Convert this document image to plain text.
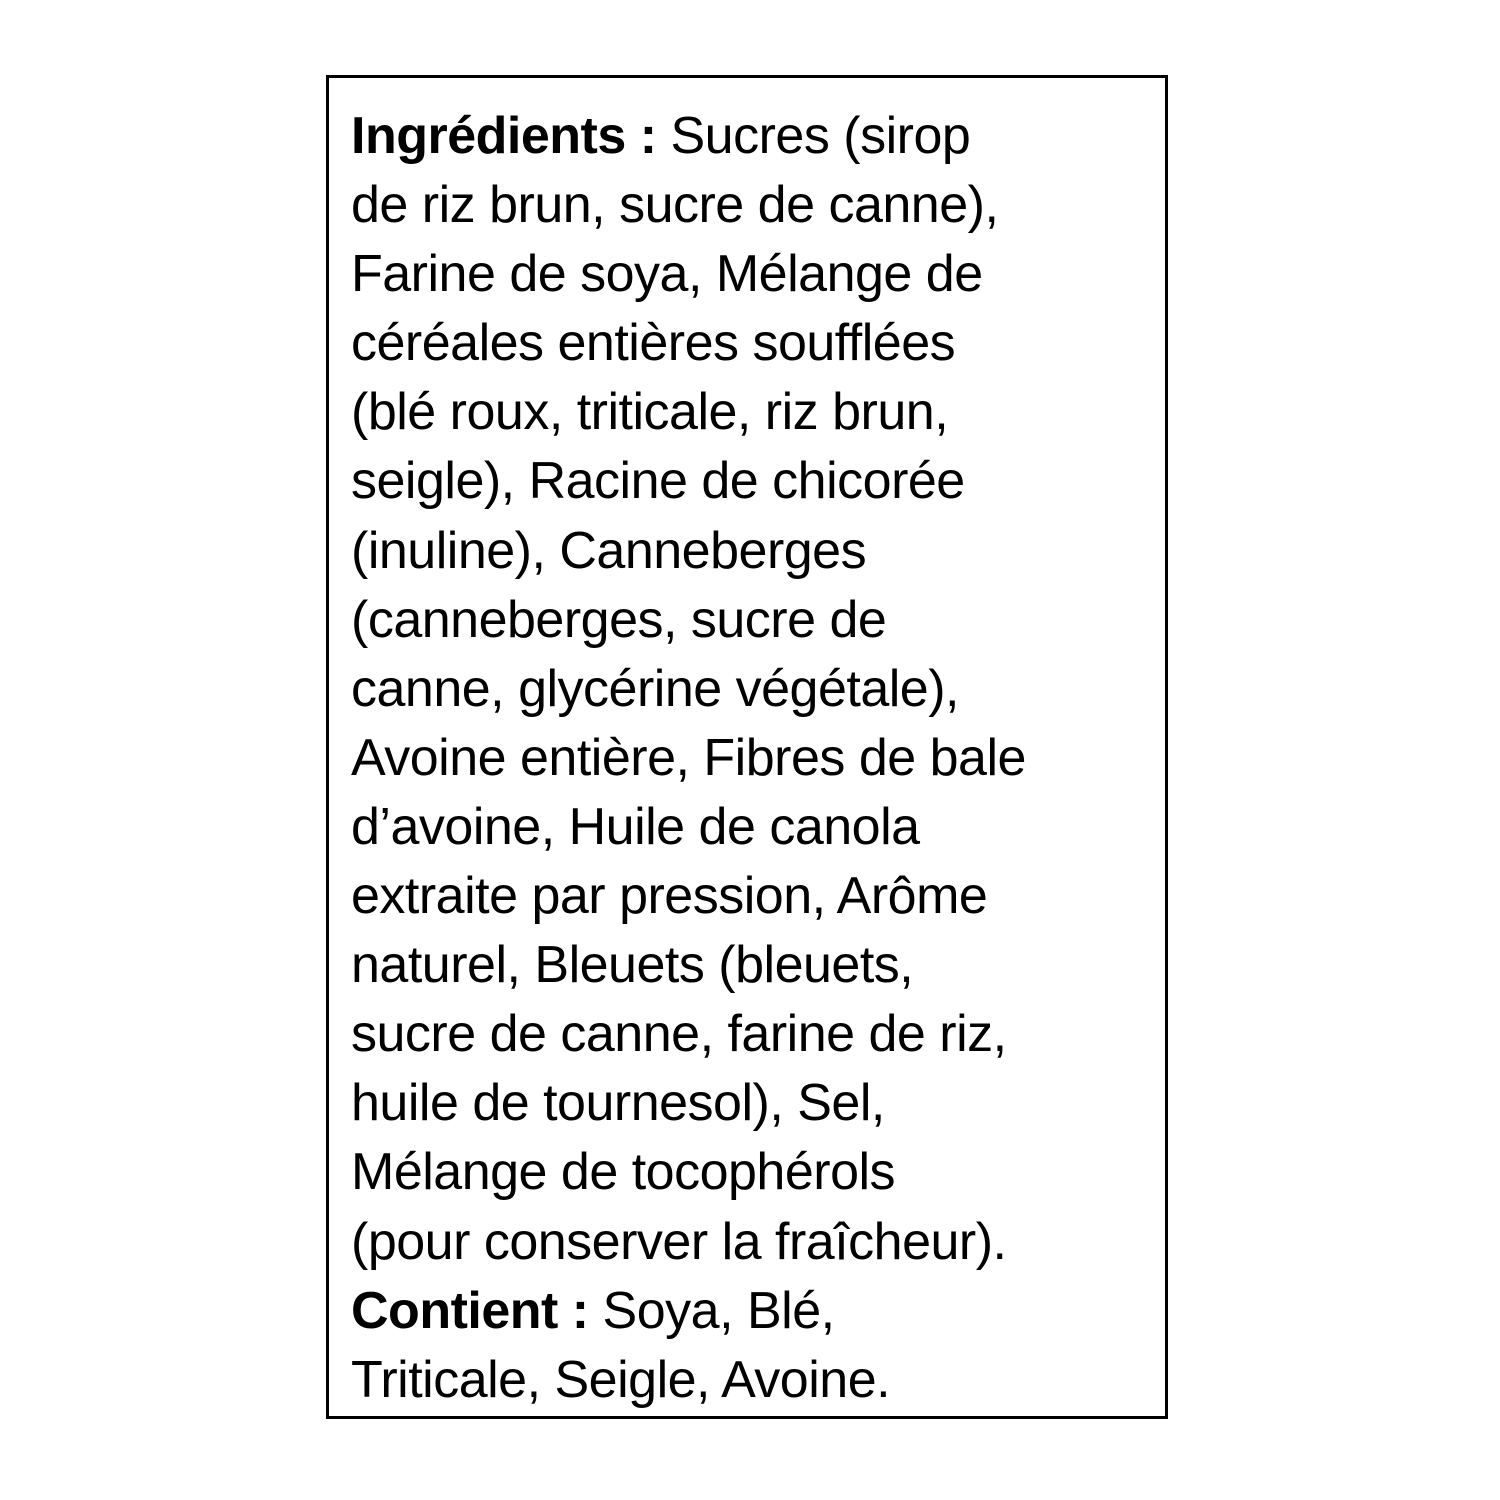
Ingrédients : Sucres (sirop
de riz brun, sucre de canne),
Farine de soya, Mélange de
céréales entières soufflées
(blé roux, triticale, riz brun,
seigle), Racine de chicorée
(inuline), Canneberges
(canneberges, sucre de
canne, glycérine végétale),
Avoine entière, Fibres de bale
d’avoine, Huile de canola
extraite par pression, Arôme
naturel, Bleuets (bleuets,
sucre de canne, farine de riz,
huile de tournesol), Sel,
Mélange de tocophérols
(pour conserver la fraîcheur).
Contient : Soya, Blé,
Triticale, Seigle, Avoine.
